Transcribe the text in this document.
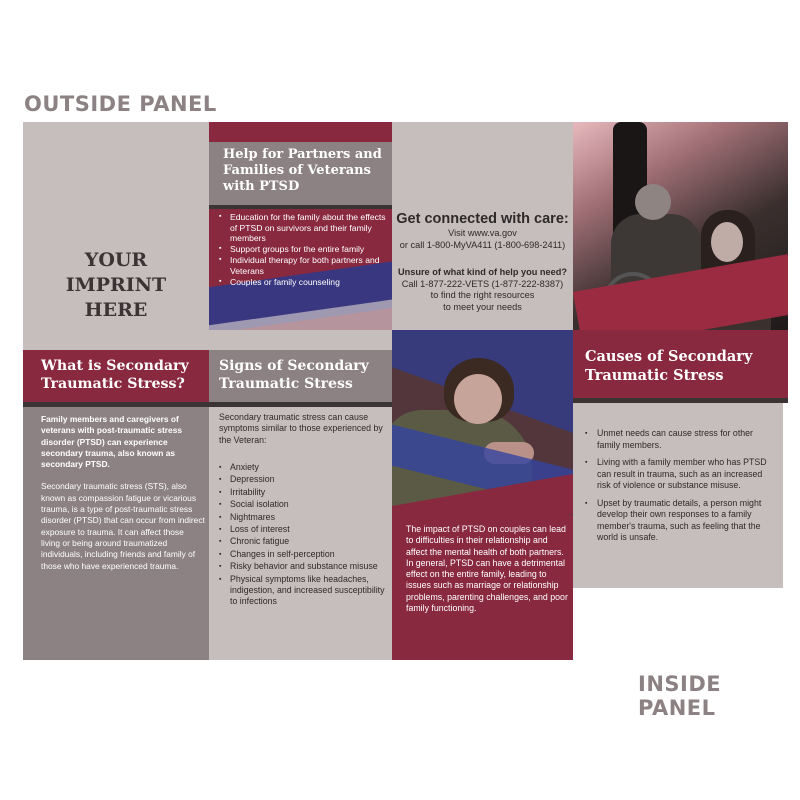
OUTSIDE PANEL
YOUR
IMPRINT
HERE
Help for Partners and Families of Veterans with PTSD
▪ Education for the family about the effects of PTSD on survivors and their family members
▪ Support groups for the entire family
▪ Individual therapy for both partners and Veterans
▪ Couples or family counseling
Get connected with care:
Visit www.va.gov
or call 1-800-MyVA411 (1-800-698-2411)
Unsure of what kind of help you need?
Call 1-877-222-VETS (1-877-222-8387)
to find the right resources
to meet your needs
What is Secondary Traumatic Stress?

Family members and caregivers of veterans with post-traumatic stress disorder (PTSD) can experience secondary trauma, also known as secondary PTSD.

Secondary traumatic stress (STS), also known as compassion fatigue or vicarious trauma, is a type of post-traumatic stress disorder (PTSD) that can occur from indirect exposure to trauma. It can affect those living or being around traumatized individuals, including friends and family of those who have experienced trauma.

Signs of Secondary Traumatic Stress

Secondary traumatic stress can cause symptoms similar to those experienced by the Veteran:

▪ Anxiety
▪ Depression
▪ Irritability
▪ Social isolation
▪ Nightmares
▪ Loss of interest
▪ Chronic fatigue
▪ Changes in self-perception
▪ Risky behavior and substance misuse
▪ Physical symptoms like headaches, indigestion, and increased susceptibility to infections

The impact of PTSD on couples can lead to difficulties in their relationship and affect the mental health of both partners. In general, PTSD can have a detrimental effect on the entire family, leading to issues such as marriage or relationship problems, parenting challenges, and poor family functioning.

Causes of Secondary Traumatic Stress
▪ Unmet needs can cause stress for other family members.
▪ Living with a family member who has PTSD can result in trauma, such as an increased risk of violence or substance misuse.
▪ Upset by traumatic details, a person might develop their own responses to a family member's trauma, such as feeling that the world is unsafe.
INSIDE PANEL
